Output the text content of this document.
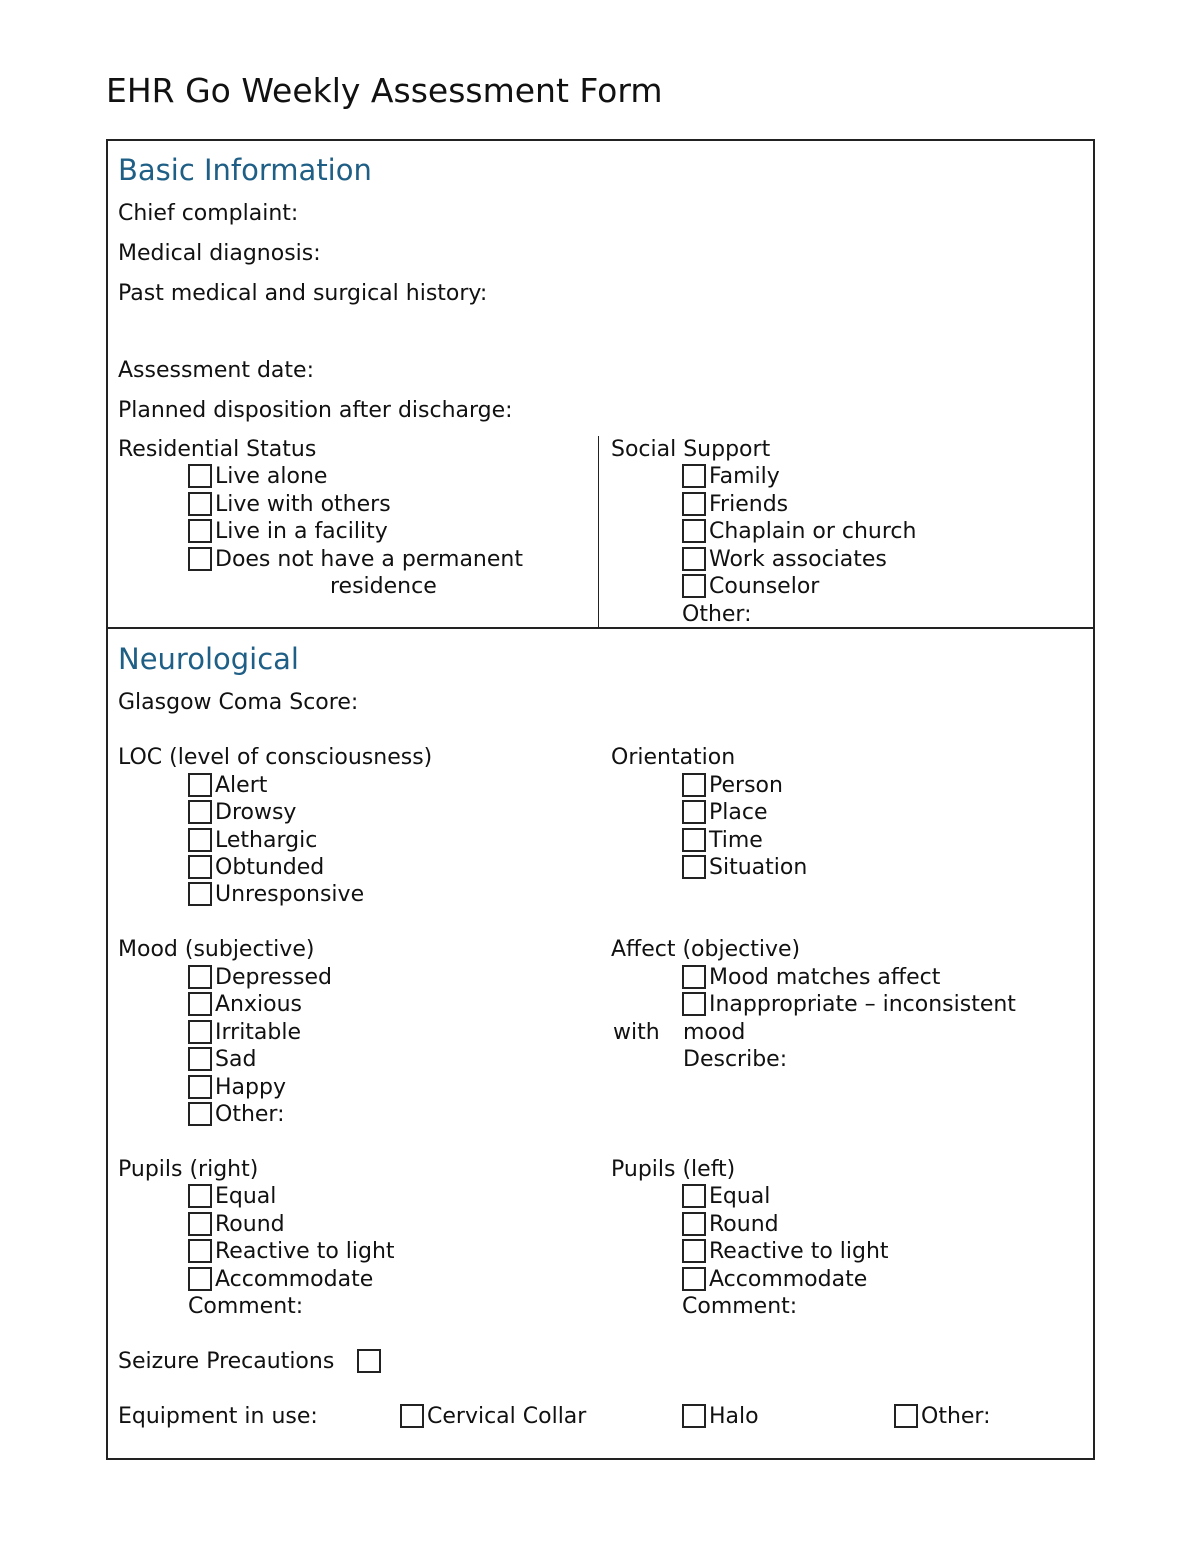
EHR Go Weekly Assessment Form
Basic Information
Chief complaint:
Medical diagnosis:
Past medical and surgical history:
Assessment date:
Planned disposition after discharge:
Residential Status
Live alone
Live with others
Live in a facility
Does not have a permanent
residence
Social Support
Family
Friends
Chaplain or church
Work associates
Counselor
Other:
Neurological
Glasgow Coma Score:
LOC (level of consciousness)
Alert
Drowsy
Lethargic
Obtunded
Unresponsive
Orientation
Person
Place
Time
Situation
Mood (subjective)
Depressed
Anxious
Irritable
Sad
Happy
Other:
Affect (objective)
Mood matches affect
Inappropriate – inconsistent
with mood
Describe:
Pupils (right)
Equal
Round
Reactive to light
Accommodate
Comment:
Pupils (left)
Equal
Round
Reactive to light
Accommodate
Comment:
Seizure Precautions
Equipment in use:	Cervical Collar	Halo	Other:
